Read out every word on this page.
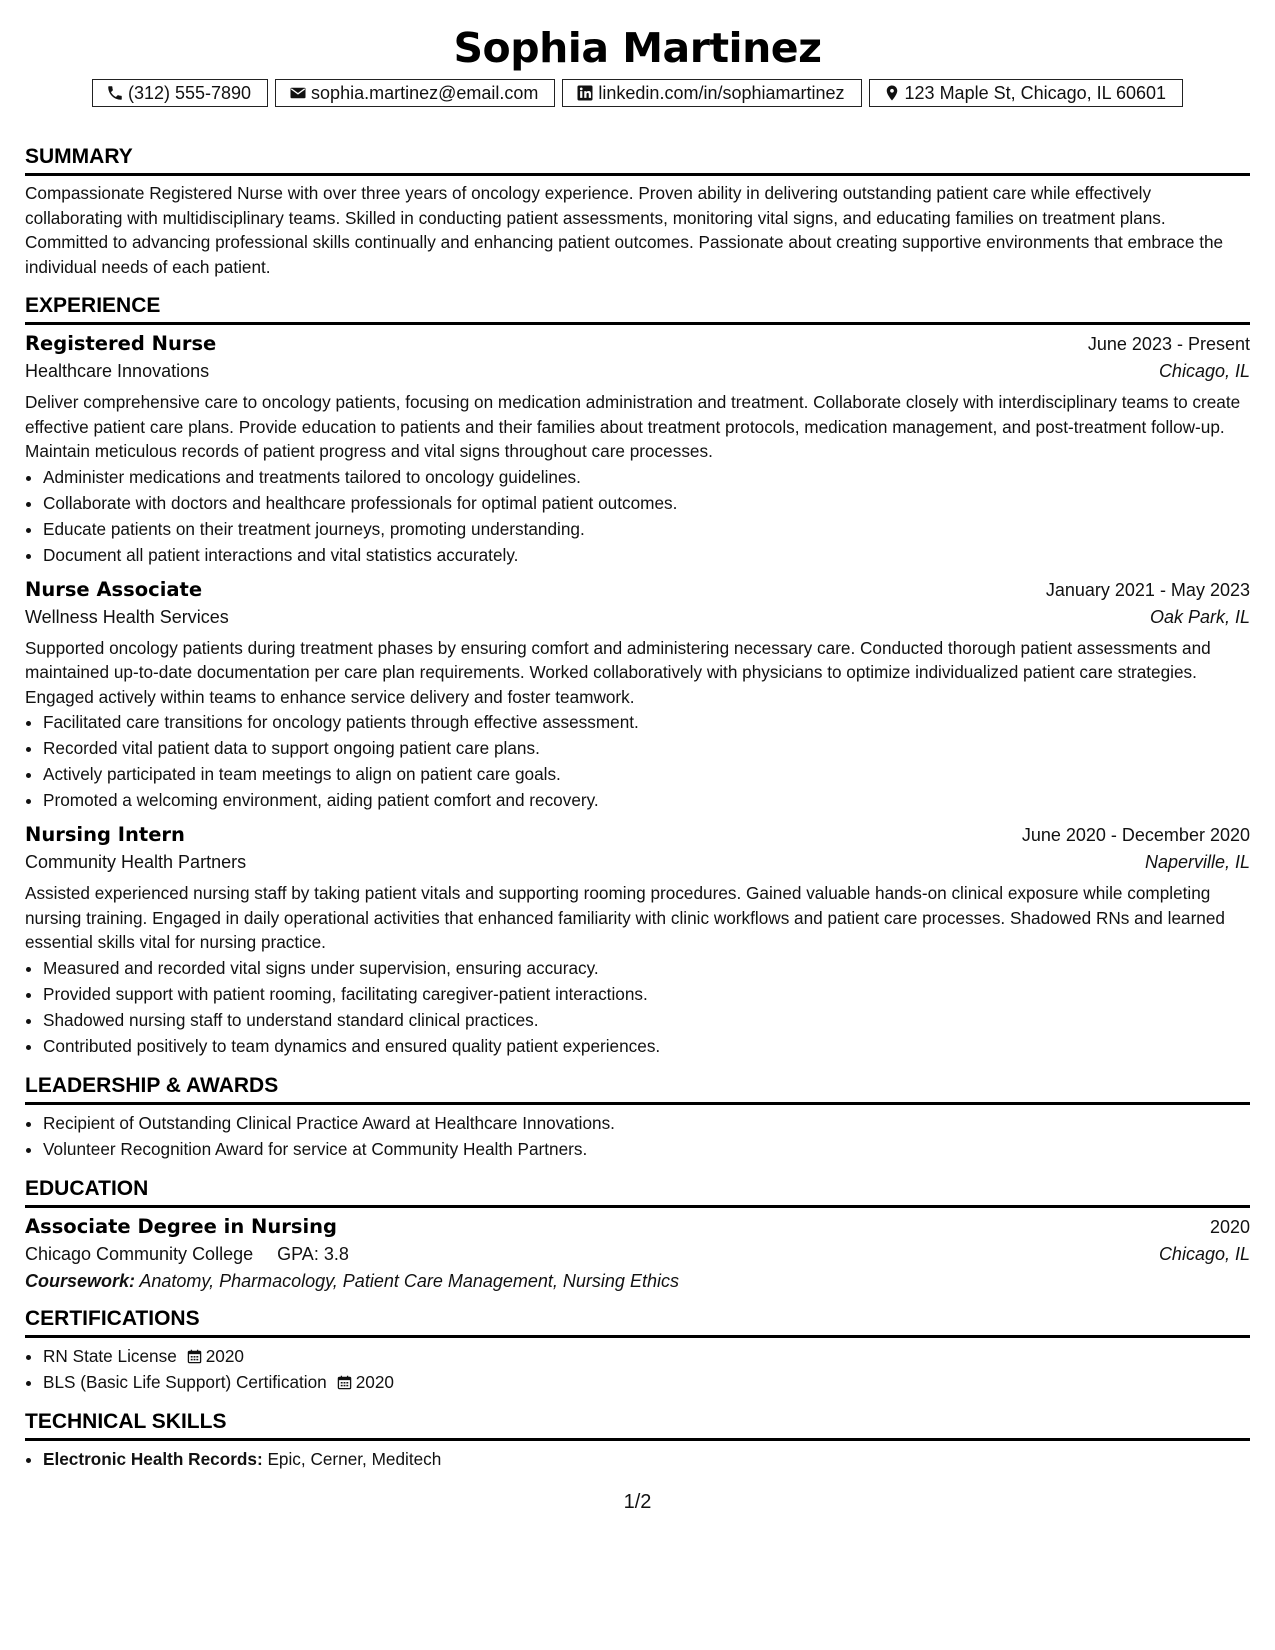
Sophia Martinez
(312) 555-7890	sophia.martinez@email.com	linkedin.com/in/sophiamartinez	123 Maple St, Chicago, IL 60601
SUMMARY
Compassionate Registered Nurse with over three years of oncology experience. Proven ability in delivering outstanding patient care while effectively collaborating with multidisciplinary teams. Skilled in conducting patient assessments, monitoring vital signs, and educating families on treatment plans. Committed to advancing professional skills continually and enhancing patient outcomes. Passionate about creating supportive environments that embrace the individual needs of each patient.
EXPERIENCE
Registered Nurse	June 2023 - Present
Healthcare Innovations	Chicago, IL
Deliver comprehensive care to oncology patients, focusing on medication administration and treatment. Collaborate closely with interdisciplinary teams to create effective patient care plans. Provide education to patients and their families about treatment protocols, medication management, and post-treatment follow-up. Maintain meticulous records of patient progress and vital signs throughout care processes.
• Administer medications and treatments tailored to oncology guidelines.
• Collaborate with doctors and healthcare professionals for optimal patient outcomes.
• Educate patients on their treatment journeys, promoting understanding.
• Document all patient interactions and vital statistics accurately.
Nurse Associate	January 2021 - May 2023
Wellness Health Services	Oak Park, IL
Supported oncology patients during treatment phases by ensuring comfort and administering necessary care. Conducted thorough patient assessments and maintained up-to-date documentation per care plan requirements. Worked collaboratively with physicians to optimize individualized patient care strategies. Engaged actively within teams to enhance service delivery and foster teamwork.
• Facilitated care transitions for oncology patients through effective assessment.
• Recorded vital patient data to support ongoing patient care plans.
• Actively participated in team meetings to align on patient care goals.
• Promoted a welcoming environment, aiding patient comfort and recovery.
Nursing Intern	June 2020 - December 2020
Community Health Partners	Naperville, IL
Assisted experienced nursing staff by taking patient vitals and supporting rooming procedures. Gained valuable hands-on clinical exposure while completing nursing training. Engaged in daily operational activities that enhanced familiarity with clinic workflows and patient care processes. Shadowed RNs and learned essential skills vital for nursing practice.
• Measured and recorded vital signs under supervision, ensuring accuracy.
• Provided support with patient rooming, facilitating caregiver-patient interactions.
• Shadowed nursing staff to understand standard clinical practices.
• Contributed positively to team dynamics and ensured quality patient experiences.
LEADERSHIP & AWARDS
• Recipient of Outstanding Clinical Practice Award at Healthcare Innovations.
• Volunteer Recognition Award for service at Community Health Partners.
EDUCATION
Associate Degree in Nursing	2020
Chicago Community College GPA: 3.8	Chicago, IL
Coursework: Anatomy, Pharmacology, Patient Care Management, Nursing Ethics
CERTIFICATIONS
• RN State License 2020
• BLS (Basic Life Support) Certification 2020
TECHNICAL SKILLS
• Electronic Health Records: Epic, Cerner, Meditech
1/2
